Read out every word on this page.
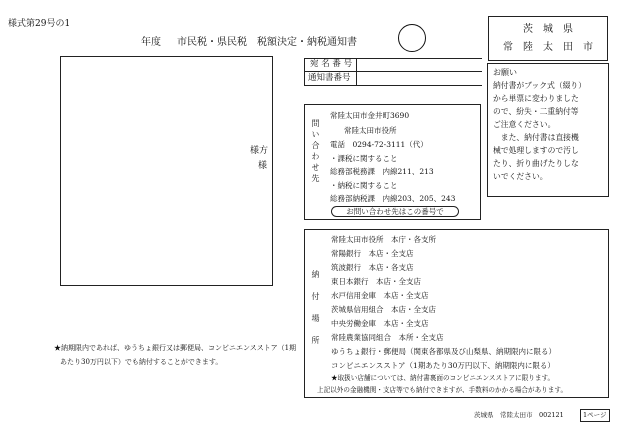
様式第29号の1
年度 市民税・県民税　税額決定・納税通知書
茨　城　県
常　陸　太　田　市
様方
様
宛 名 番 号
通知書番号
問い合わせ先
常陸太田市金井町3690
常陸太田市役所
電話　0294-72-3111（代）
・課税に関すること
総務部税務課　内線211、213
・納税に関すること
総務部納税課　内線203、205、243
お問い合わせ先はこの番号で
お願い
納付書がブック式（綴り）
から単票に変わりました
ので、紛失・二重納付等
ご注意ください。
　また、納付書は直接機
械で処理しますので汚し
たり、折り曲げたりしな
いでください。
納付場所
常陸太田市役所　本庁・各支所
常陽銀行　本店・全支店
筑波銀行　本店・各支店
東日本銀行　本店・全支店
水戸信用金庫　本店・全支店
茨城県信用組合　本店・全支店
中央労働金庫　本店・全支店
常陸農業協同組合　本所・全支店
ゆうちょ銀行・郵便局（関東各都県及び山梨県、納期限内に限る）
コンビニエンスストア（1期あたり30万円以下、納期限内に限る）
★取扱い店舗については、納付書裏面のコンビニエンスストアに限ります。
上記以外の金融機関・支店等でも納付できますが、手数料のかかる場合があります。
★納期限内であれば、ゆうちょ銀行又は郵便局、コンビニエンスストア（1期
あたり30万円以下）でも納付することができます。
茨城県　常陸太田市　002121	1ページ
